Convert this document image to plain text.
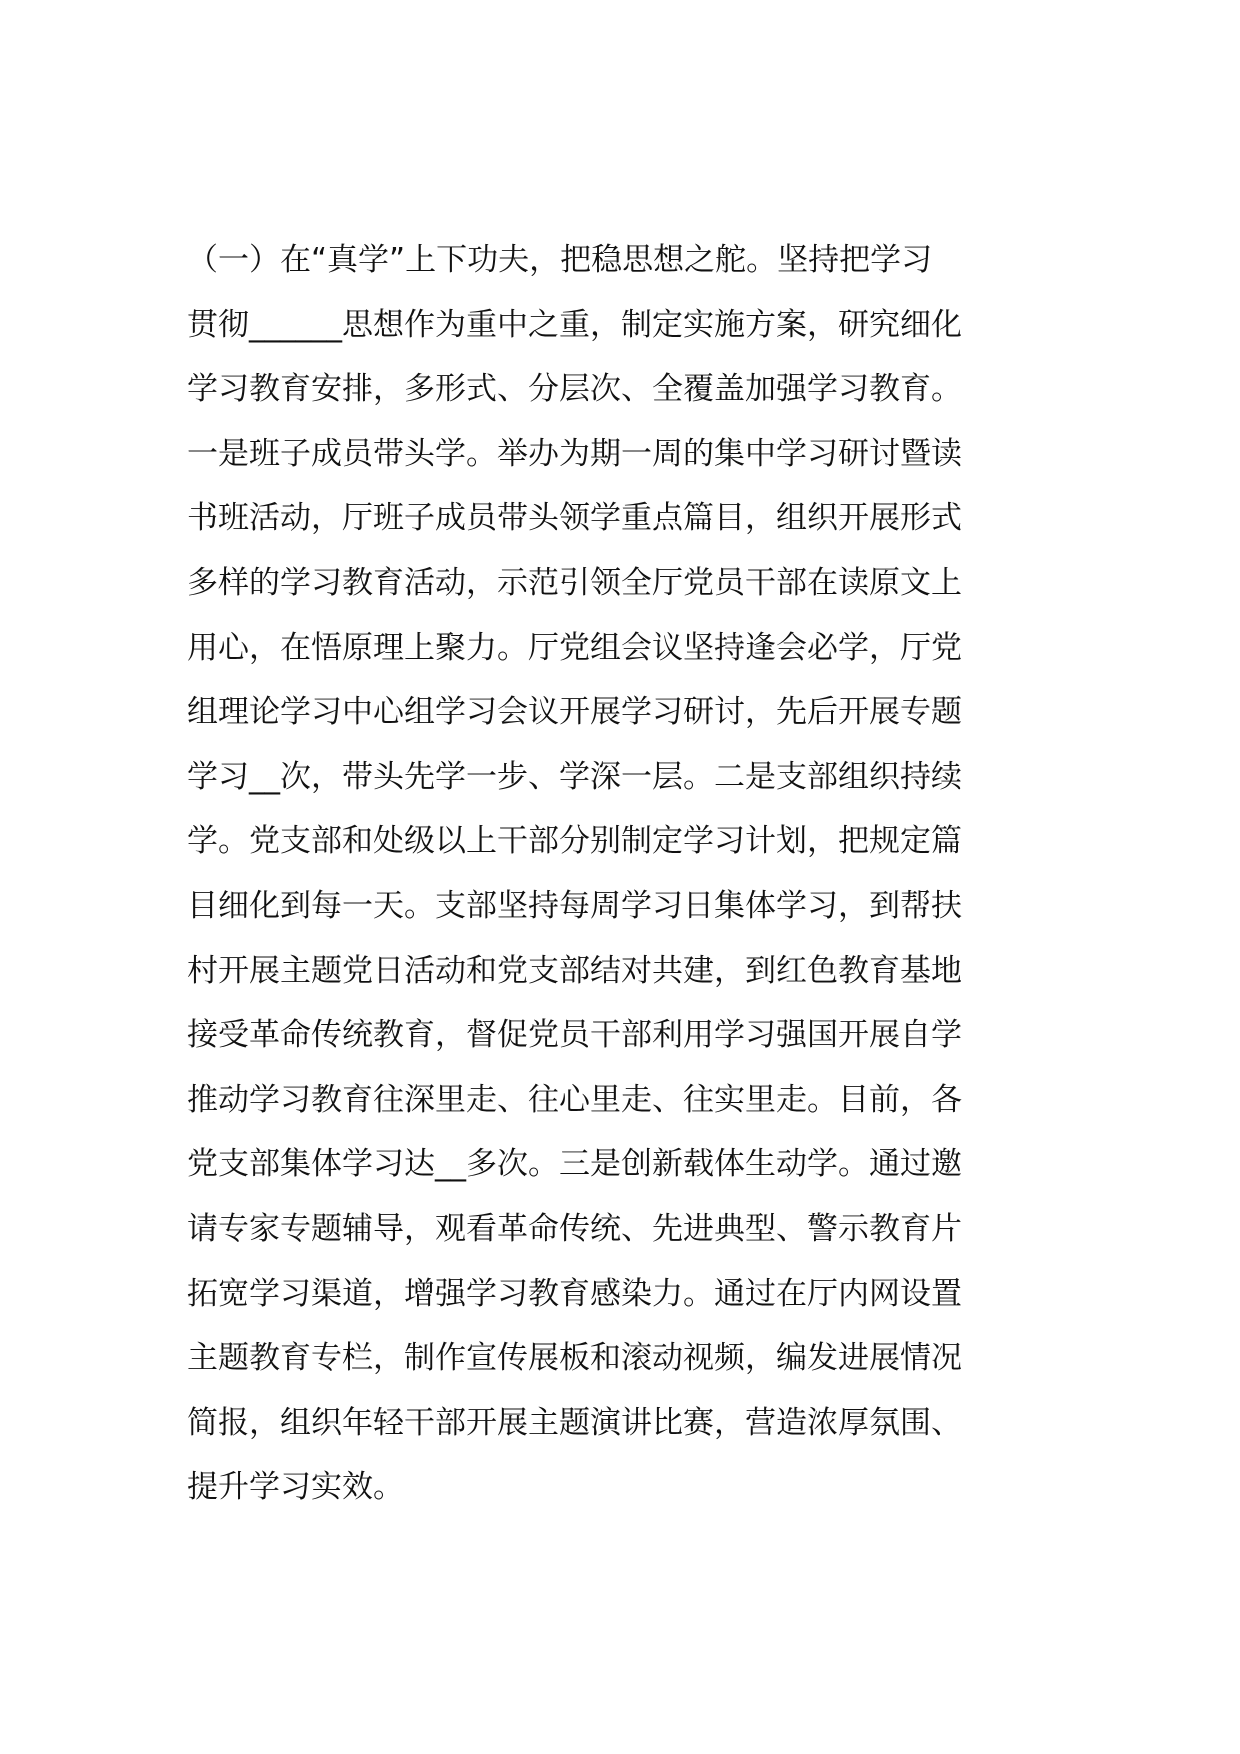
（一）在“真学”上下功夫，把稳思想之舵。坚持把学习
贯彻______思想作为重中之重，制定实施方案，研究细化
学习教育安排，多形式、分层次、全覆盖加强学习教育。
一是班子成员带头学。举办为期一周的集中学习研讨暨读
书班活动，厅班子成员带头领学重点篇目，组织开展形式
多样的学习教育活动，示范引领全厅党员干部在读原文上
用心，在悟原理上聚力。厅党组会议坚持逢会必学，厅党
组理论学习中心组学习会议开展学习研讨，先后开展专题
学习__次，带头先学一步、学深一层。二是支部组织持续
学。党支部和处级以上干部分别制定学习计划，把规定篇
目细化到每一天。支部坚持每周学习日集体学习，到帮扶
村开展主题党日活动和党支部结对共建，到红色教育基地
接受革命传统教育，督促党员干部利用学习强国开展自学
推动学习教育往深里走、往心里走、往实里走。目前，各
党支部集体学习达__多次。三是创新载体生动学。通过邀
请专家专题辅导，观看革命传统、先进典型、警示教育片
拓宽学习渠道，增强学习教育感染力。通过在厅内网设置
主题教育专栏，制作宣传展板和滚动视频，编发进展情况
简报，组织年轻干部开展主题演讲比赛，营造浓厚氛围、
提升学习实效。
